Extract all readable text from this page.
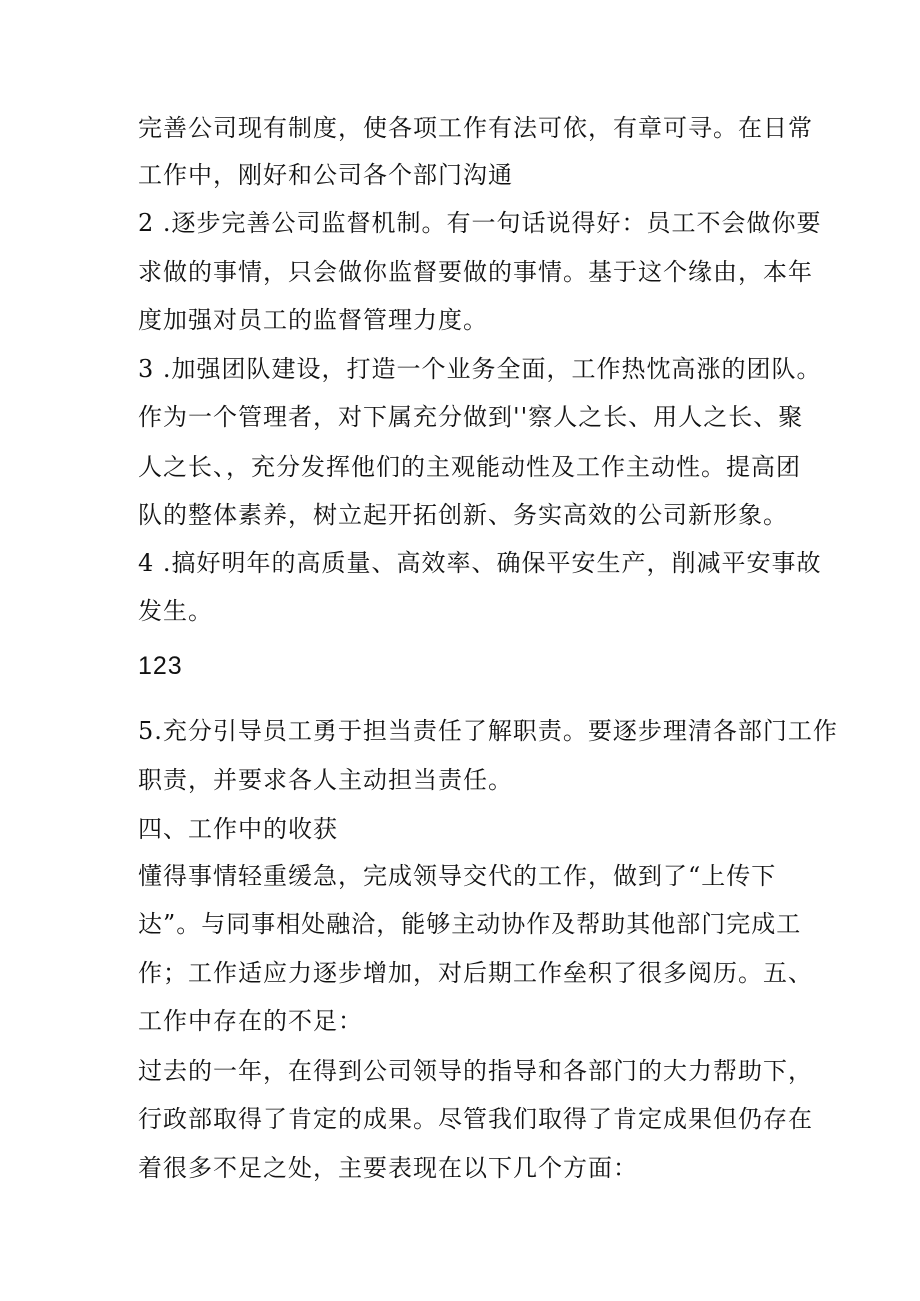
完善公司现有制度，使各项工作有法可依，有章可寻。在日常
工作中，刚好和公司各个部门沟通
2 .逐步完善公司监督机制。有一句话说得好：员工不会做你要
求做的事情，只会做你监督要做的事情。基于这个缘由，本年
度加强对员工的监督管理力度。
3 .加强团队建设，打造一个业务全面，工作热忱高涨的团队。
作为一个管理者，对下属充分做到''察人之长、用人之长、聚
人之长、，充分发挥他们的主观能动性及工作主动性。提高团
队的整体素养，树立起开拓创新、务实高效的公司新形象。
4 .搞好明年的高质量、高效率、确保平安生产，削减平安事故
发生。
123
5.充分引导员工勇于担当责任了解职责。要逐步理清各部门工作
职责，并要求各人主动担当责任。
四、工作中的收获
懂得事情轻重缓急，完成领导交代的工作，做到了“上传下
达”。与同事相处融洽，能够主动协作及帮助其他部门完成工
作；工作适应力逐步增加，对后期工作垒积了很多阅历。五、
工作中存在的不足：
过去的一年，在得到公司领导的指导和各部门的大力帮助下，
行政部取得了肯定的成果。尽管我们取得了肯定成果但仍存在
着很多不足之处，主要表现在以下几个方面：
